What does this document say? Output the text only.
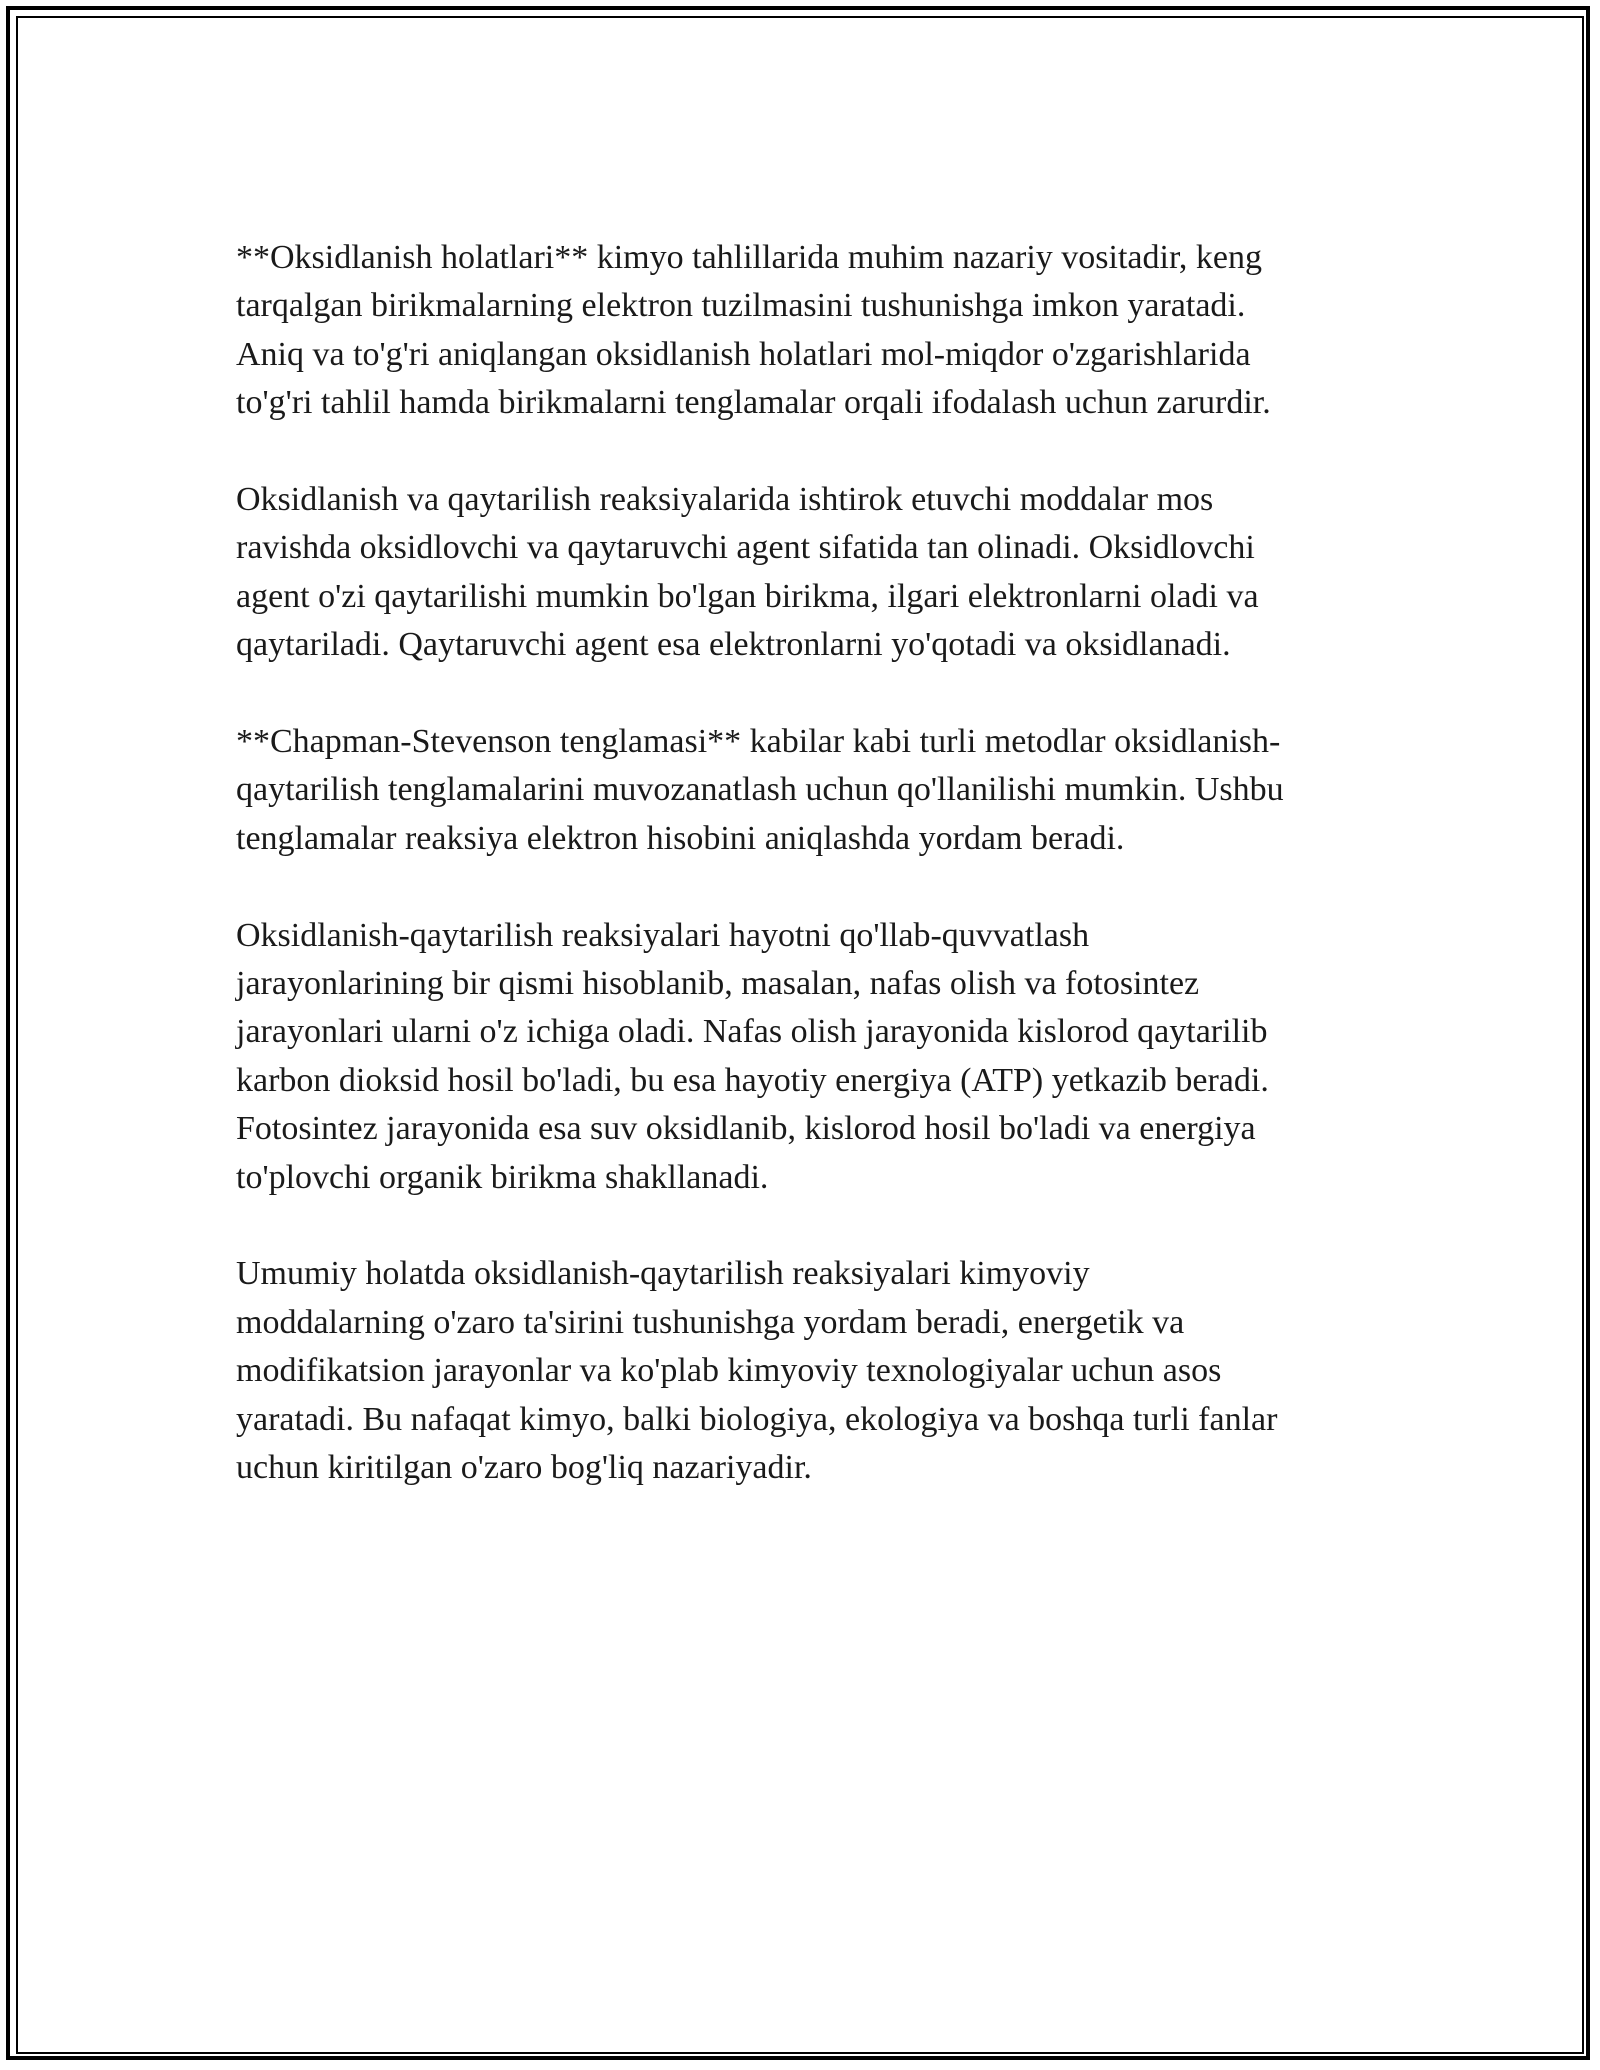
**Oksidlanish holatlari** kimyo tahlillarida muhim nazariy vositadir, keng
tarqalgan birikmalarning elektron tuzilmasini tushunishga imkon yaratadi.
Aniq va to'g'ri aniqlangan oksidlanish holatlari mol-miqdor o'zgarishlarida
to'g'ri tahlil hamda birikmalarni tenglamalar orqali ifodalash uchun zarurdir.

Oksidlanish va qaytarilish reaksiyalarida ishtirok etuvchi moddalar mos
ravishda oksidlovchi va qaytaruvchi agent sifatida tan olinadi. Oksidlovchi
agent o'zi qaytarilishi mumkin bo'lgan birikma, ilgari elektronlarni oladi va
qaytariladi. Qaytaruvchi agent esa elektronlarni yo'qotadi va oksidlanadi.

**Chapman-Stevenson tenglamasi** kabilar kabi turli metodlar oksidlanish-
qaytarilish tenglamalarini muvozanatlash uchun qo'llanilishi mumkin. Ushbu
tenglamalar reaksiya elektron hisobini aniqlashda yordam beradi.

Oksidlanish-qaytarilish reaksiyalari hayotni qo'llab-quvvatlash
jarayonlarining bir qismi hisoblanib, masalan, nafas olish va fotosintez
jarayonlari ularni o'z ichiga oladi. Nafas olish jarayonida kislorod qaytarilib
karbon dioksid hosil bo'ladi, bu esa hayotiy energiya (ATP) yetkazib beradi.
Fotosintez jarayonida esa suv oksidlanib, kislorod hosil bo'ladi va energiya
to'plovchi organik birikma shakllanadi.

Umumiy holatda oksidlanish-qaytarilish reaksiyalari kimyoviy
moddalarning o'zaro ta'sirini tushunishga yordam beradi, energetik va
modifikatsion jarayonlar va ko'plab kimyoviy texnologiyalar uchun asos
yaratadi. Bu nafaqat kimyo, balki biologiya, ekologiya va boshqa turli fanlar
uchun kiritilgan o'zaro bog'liq nazariyadir.
